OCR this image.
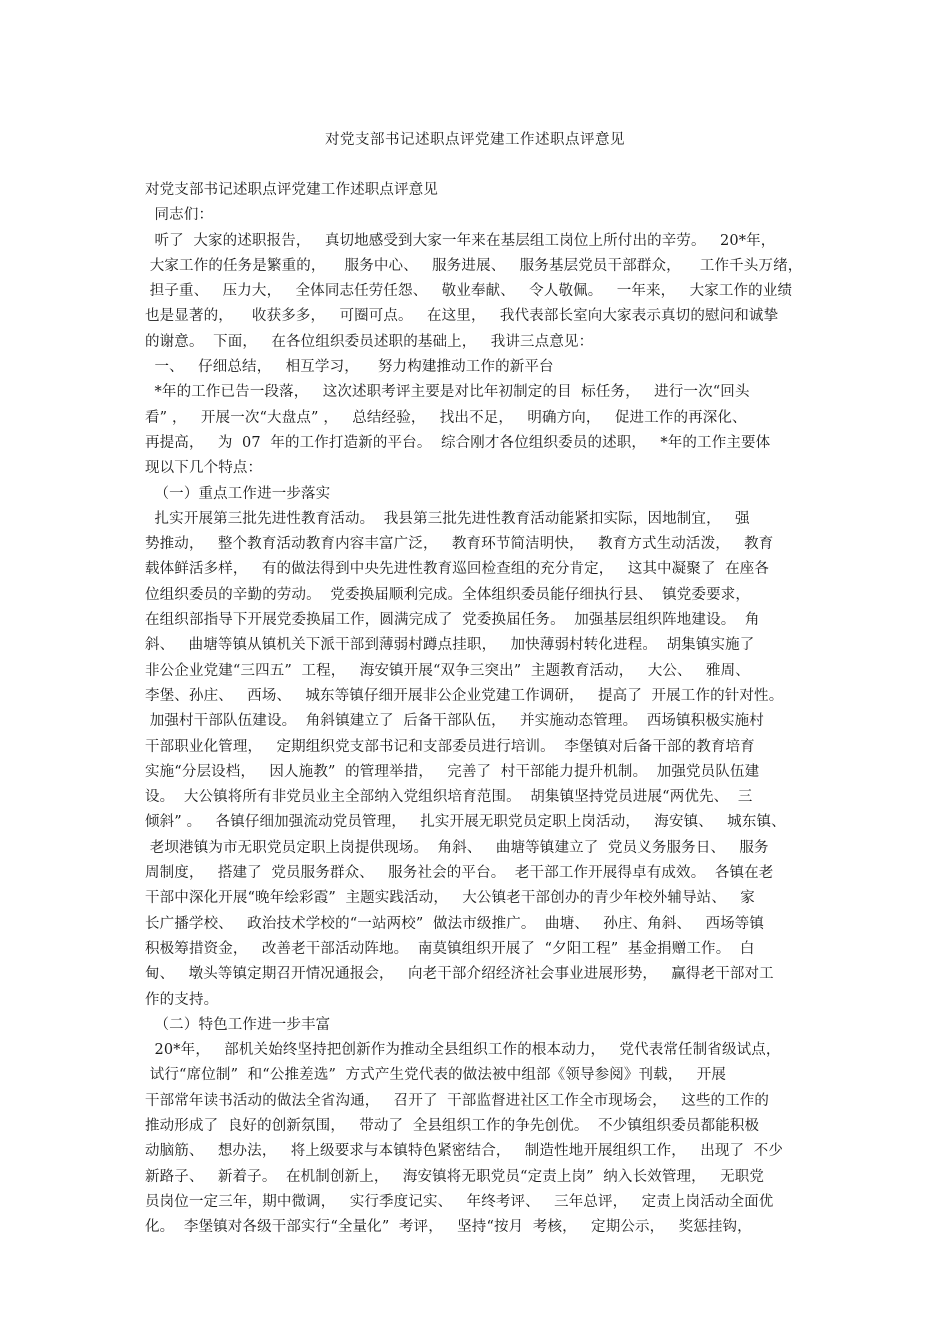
对党支部书记述职点评党建工作述职点评意见
对党支部书记述职点评党建工作述职点评意见
同志们：
听了  大家的述职报告，   真切地感受到大家一年来在基层组工岗位上所付出的辛劳。   20*年，
大家工作的任务是繁重的，    服务中心、   服务进展、   服务基层党员干部群众，    工作千头万绪，
担子重、   压力大，   全体同志任劳任怨、   敬业奉献、   令人敬佩。   一年来，   大家工作的业绩
也是显著的，    收获多多，   可圈可点。   在这里，   我代表部长室向大家表示真切的慰问和诚挚
的谢意。  下面，   在各位组织委员述职的基础上，   我讲三点意见：
一、   仔细总结，   相互学习，    努力构建推动工作的新平台
*年的工作已告一段落，   这次述职考评主要是对比年初制定的目  标任务，   进行一次“回头
看” ，   开展一次“大盘点” ，   总结经验，   找出不足，   明确方向，   促进工作的再深化、
再提高，   为  07  年的工作打造新的平台。  综合刚才各位组织委员的述职，   *年的工作主要体
现以下几个特点：
（一）重点工作进一步落实
扎实开展第三批先进性教育活动。  我县第三批先进性教育活动能紧扣实际，因地制宜，   强
势推动，   整个教育活动教育内容丰富广泛，   教育环节简洁明快，   教育方式生动活泼，   教育
载体鲜活多样，   有的做法得到中央先进性教育巡回检查组的充分肯定，   这其中凝聚了  在座各
位组织委员的辛勤的劳动。  党委换届顺利完成。全体组织委员能仔细执行县、  镇党委要求，
在组织部指导下开展党委换届工作，圆满完成了  党委换届任务。  加强基层组织阵地建设。  角
斜、   曲塘等镇从镇机关下派干部到薄弱村蹲点挂职，   加快薄弱村转化进程。  胡集镇实施了
非公企业党建“三四五”  工程，   海安镇开展“双争三突出”  主题教育活动，   大公、   雅周、
李堡、孙庄、   西场、   城东等镇仔细开展非公企业党建工作调研，   提高了  开展工作的针对性。
加强村干部队伍建设。  角斜镇建立了  后备干部队伍，   并实施动态管理。  西场镇积极实施村
干部职业化管理，   定期组织党支部书记和支部委员进行培训。  李堡镇对后备干部的教育培育
实施“分层设档，   因人施教”  的管理举措，   完善了  村干部能力提升机制。  加强党员队伍建
设。  大公镇将所有非党员业主全部纳入党组织培育范围。  胡集镇坚持党员进展“两优先、  三
倾斜” 。   各镇仔细加强流动党员管理，   扎实开展无职党员定职上岗活动，   海安镇、   城东镇、
老坝港镇为市无职党员定职上岗提供现场。  角斜、   曲塘等镇建立了  党员义务服务日、   服务
周制度，   搭建了  党员服务群众、   服务社会的平台。  老干部工作开展得卓有成效。  各镇在老
干部中深化开展“晚年绘彩霞”  主题实践活动，   大公镇老干部创办的青少年校外辅导站、   家
长广播学校、   政治技术学校的“一站两校”  做法市级推广。  曲塘、   孙庄、角斜、   西场等镇
积极筹措资金，   改善老干部活动阵地。  南莫镇组织开展了  “夕阳工程”  基金捐赠工作。  白
甸、   墩头等镇定期召开情况通报会，   向老干部介绍经济社会事业进展形势，   赢得老干部对工
作的支持。
（二）特色工作进一步丰富
20*年，   部机关始终坚持把创新作为推动全县组织工作的根本动力，   党代表常任制省级试点，
试行“席位制”  和“公推差选”  方式产生党代表的做法被中组部《领导参阅》刊载，   开展
干部常年读书活动的做法全省沟通，   召开了  干部监督进社区工作全市现场会，   这些的工作的
推动形成了  良好的创新氛围，   带动了  全县组织工作的争先创优。  不少镇组织委员都能积极
动脑筋、   想办法，   将上级要求与本镇特色紧密结合，   制造性地开展组织工作，   出现了  不少
新路子、   新着子。  在机制创新上，   海安镇将无职党员“定责上岗”  纳入长效管理，   无职党
员岗位一定三年，期中微调，   实行季度记实、   年终考评、   三年总评，   定责上岗活动全面优
化。  李堡镇对各级干部实行“全量化”  考评，   坚持“按月  考核，   定期公示，   奖惩挂钩，
